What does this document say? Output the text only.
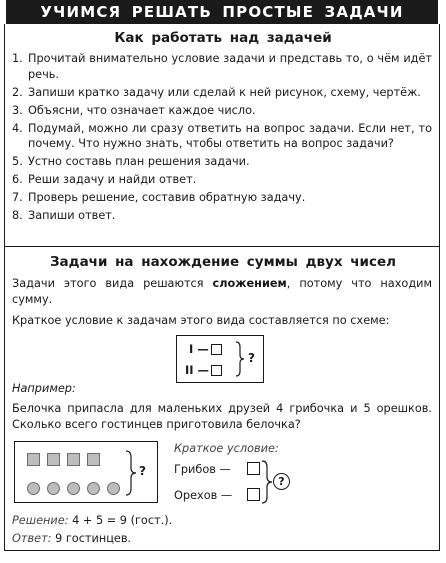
УЧИМСЯ РЕШАТЬ ПРОСТЫЕ ЗАДАЧИ
Как работать над задачей
1. Прочитай внимательно условие задачи и представь то, о чём идёт речь.
2. Запиши кратко задачу или сделай к ней рисунок, схему, чертёж.
3. Объясни, что означает каждое число.
4. Подумай, можно ли сразу ответить на вопрос задачи. Если нет, то почему. Что нужно знать, чтобы ответить на вопрос задачи?
5. Устно составь план решения задачи.
6. Реши задачу и найди ответ.
7. Проверь решение, составив обратную задачу.
8. Запиши ответ.
Задачи на нахождение суммы двух чисел
Задачи этого вида решаются сложением, потому что находим сумму.
Краткое условие к задачам этого вида составляется по схеме:
I —
II —
?
Например:
Белочка припасла для маленьких друзей 4 грибочка и 5 орешков. Сколько всего гостинцев приготовила белочка?
?
Краткое условие:
Грибов —
Орехов —
?
Решение: 4 + 5 = 9 (гост.).
Ответ: 9 гостинцев.
